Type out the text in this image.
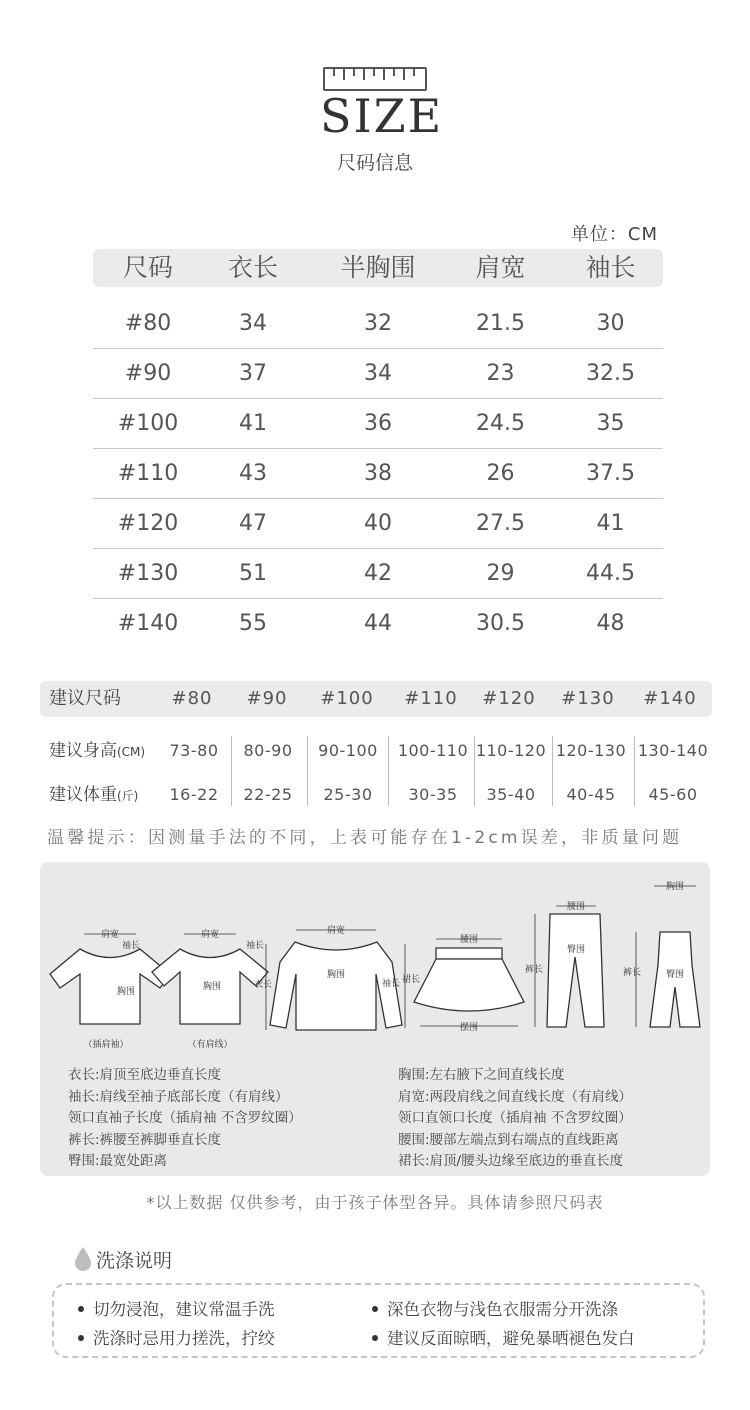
SIZE
尺码信息
单位：CM
尺码	衣长	半胸围	肩宽	袖长
#80	34	32	21.5	30
#90	37	34	23	32.5
#100	41	36	24.5	35
#110	43	38	26	37.5
#120	47	40	27.5	41
#130	51	42	29	44.5
#140	55	44	30.5	48
建议尺码	#80	#90	#100	#110	#120	#130	#140
建议身高(CM)	73-80	80-90	90-100	100-110 110-120 120-130 130-140
建议体重(斤)	16-22	22-25	25-30	30-35	35-40	40-45	45-60
温馨提示：因测量手法的不同，上表可能存在1-2cm误差，非质量问题
肩宽	肩宽	肩宽
胸围	胸围
胸围
袖长	袖长
袖长
衣长
腰围
裙长
摆围
腰围
臀围
裤长
胸围
臀围
裤长
（插肩袖）	（有肩线）
衣长:肩顶至底边垂直长度
袖长:肩线至袖子底部长度（有肩线）
领口直袖子长度（插肩袖 不含罗纹圈）
裤长:裤腰至裤脚垂直长度
臀围:最宽处距离
胸围:左右腋下之间直线长度
肩宽:两段肩线之间直线长度（有肩线）
领口直领口长度（插肩袖 不含罗纹圈）
腰围:腰部左端点到右端点的直线距离
裙长:肩顶/腰头边缘至底边的垂直长度
*以上数据 仅供参考，由于孩子体型各异。具体请参照尺码表
洗涤说明
切勿浸泡，建议常温手洗	深色衣物与浅色衣服需分开洗涤
洗涤时忌用力搓洗，拧绞	建议反面晾晒，避免暴晒褪色发白
